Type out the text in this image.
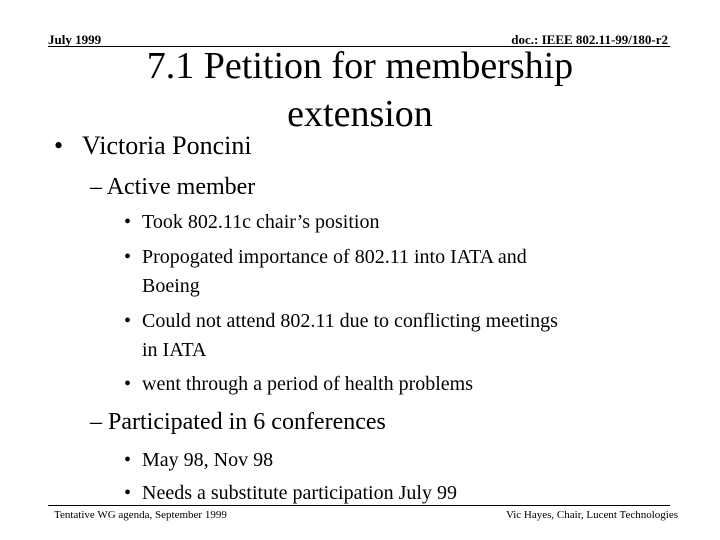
July 1999	doc.: IEEE 802.11-99/180-r2
7.1 Petition for membership
extension
• Victoria Poncini
– Active member
• Took 802.11c chair’s position
• Propogated importance of 802.11 into IATA and
Boeing
• Could not attend 802.11 due to conflicting meetings
in IATA
• went through a period of health problems
– Participated in 6 conferences
• May 98, Nov 98
• Needs a substitute participation July 99
Tentative WG agenda, September 1999	Vic Hayes, Chair, Lucent Technologies
